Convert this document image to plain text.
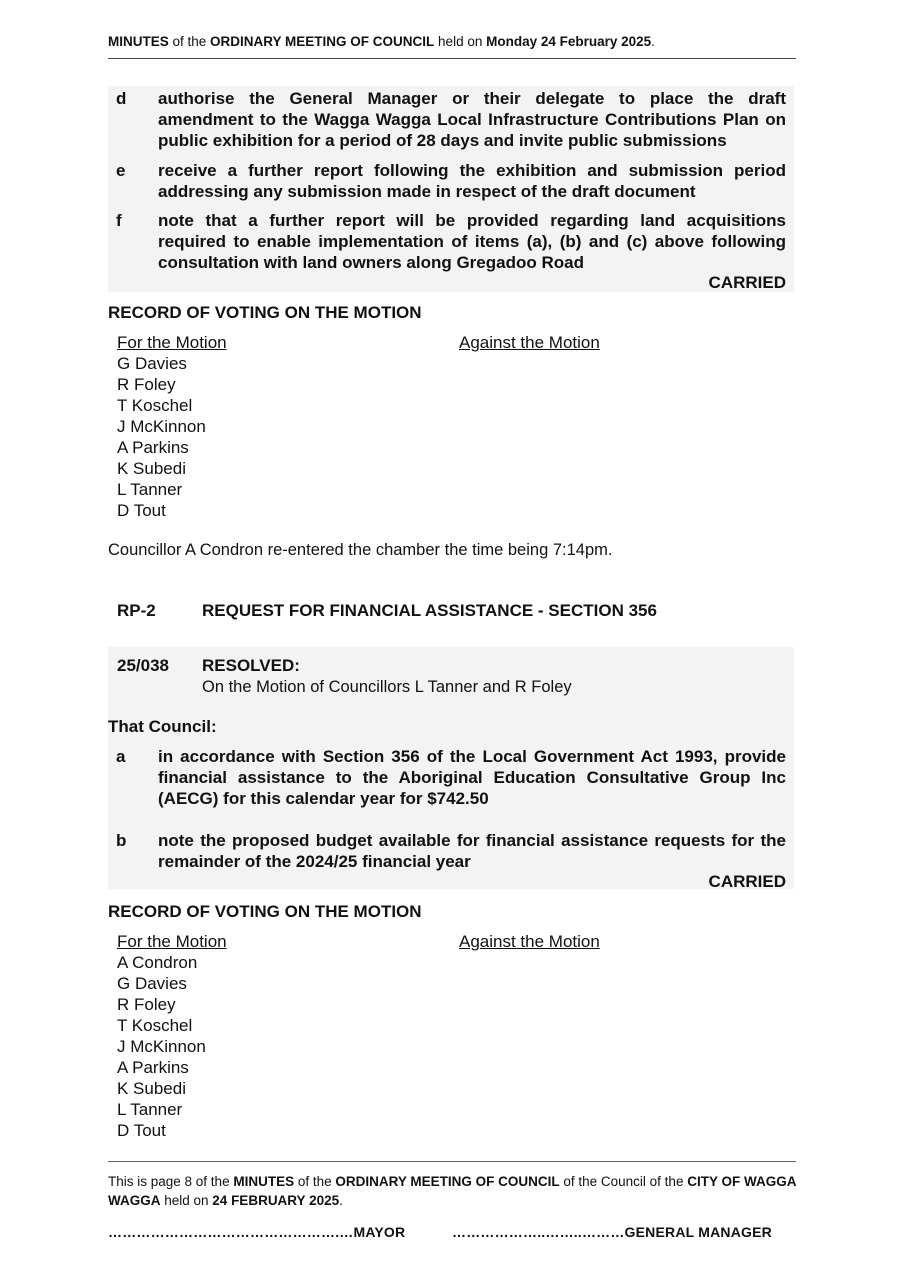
MINUTES of the ORDINARY MEETING OF COUNCIL held on Monday 24 February 2025.
d authorise the General Manager or their delegate to place the draft amendment to the Wagga Wagga Local Infrastructure Contributions Plan on public exhibition for a period of 28 days and invite public submissions
e receive a further report following the exhibition and submission period addressing any submission made in respect of the draft document
f note that a further report will be provided regarding land acquisitions required to enable implementation of items (a), (b) and (c) above following consultation with land owners along Gregadoo Road
CARRIED
RECORD OF VOTING ON THE MOTION
For the Motion
G Davies
R Foley
T Koschel
J McKinnon
A Parkins
K Subedi
L Tanner
D Tout
Against the Motion
Councillor A Condron re-entered the chamber the time being 7:14pm.
RP-2	REQUEST FOR FINANCIAL ASSISTANCE - SECTION 356
25/038 RESOLVED:
On the Motion of Councillors L Tanner and R Foley
That Council:
a in accordance with Section 356 of the Local Government Act 1993, provide financial assistance to the Aboriginal Education Consultative Group Inc (AECG) for this calendar year for $742.50
b note the proposed budget available for financial assistance requests for the remainder of the 2024/25 financial year
CARRIED
RECORD OF VOTING ON THE MOTION
For the Motion
A Condron
G Davies
R Foley
T Koschel
J McKinnon
A Parkins
K Subedi
L Tanner
D Tout
Against the Motion
This is page 8 of the MINUTES of the ORDINARY MEETING OF COUNCIL of the Council of the CITY OF WAGGA WAGGA held on 24 FEBRUARY 2025.
………………………………………….…MAYOR	………………..……..………GENERAL MANAGER
